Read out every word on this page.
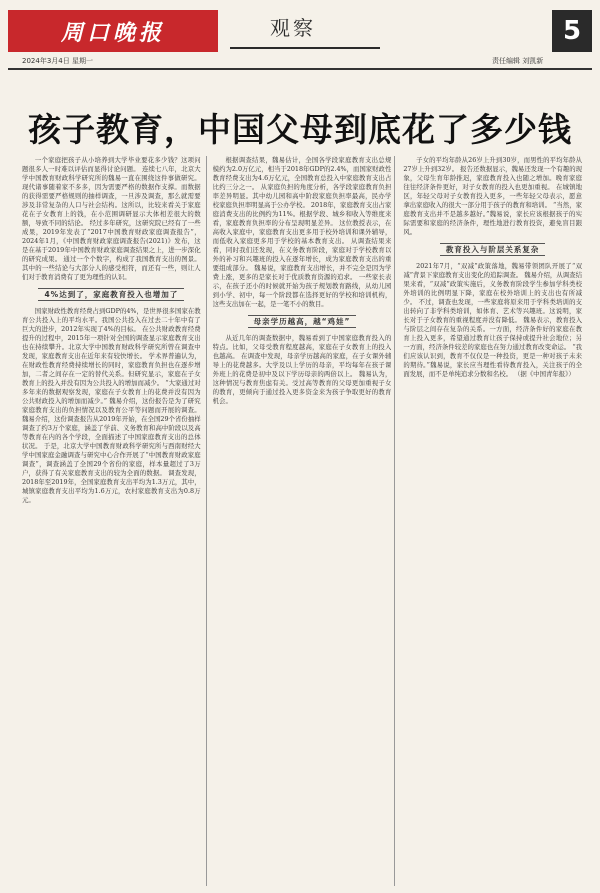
周口晚报	观察	5
2024年3月4日 星期一	责任编辑 刘凯新
孩子教育，中国父母到底花了多少钱

一个家庭把孩子从小培养到大学毕业要花多少钱？这项问题很多人一时难以评估而显得讨论问题。 连续七八年，北京大学中国教育财政科学研究所的魏易一直在围绕这件事做研究。 现代诸事随着家不多多，因为需要严格的数据作支撑。而数据的获得需要严格规则的抽样调查，一旦涉及调查，那么就需要涉及非常复杂的人口与社会结构。这所以，比较来看关于家庭花在子女教育上的钱，在小范围调研显示大体相差很大的数额，导致不同的结论。 经过多年研究，这研究院已经有了一些成果，2019年发表了“2017中国教育财政家庭调查报告”，2024年1月，《中国教育财政家庭调查报告(2021)》发布，这是在基于2019年中国教育财政家庭调查结果之上，进一步深化的研究成果。 通过一个个数字，构成了我国教育支出的图景。其中的一些结论与大部分人的感受相符，而还有一些，则让人们对于教育消费有了更为理性的认识。

4%达到了，家庭教育投入也增加了

国家财政性教育经费占到GDP的4%，是世界很多国家在教育公共投入上的平均水平。我国公共投入在过去二十年中有了巨大的进步，2012年实现了4%的目标。 在公共财政教育经费提升的过程中，2015年一项针对全国的调查显示家庭教育支出也在持续攀升。北京大学中国教育财政科学研究所曾在调查中发现，家庭教育支出在近年来有较快增长。 学术界普遍认为，在财政性教育经费持续增长的同时，家庭教育负担也在逐步增加，二者之间存在一定的替代关系。但研究显示，家庭在子女教育上的投入并没有因为公共投入的增加而减少。 “大家通过对多年来的数据观察发现，家庭在子女教育上的花费并没有因为公共财政投入的增加而减少。” 魏易介绍，这份报告是为了研究家庭教育支出的负担情况以及教育公平等问题而开展的调查。 魏易介绍，这份调查报告从2019年开始，在全国29个省份抽样调查了约3万个家庭，涵盖了学前、义务教育和高中阶段以及高等教育在内的各个学段，全面描述了中国家庭教育支出的总体状况。 于是，北京大学中国教育财政科学研究所与西南财经大学中国家庭金融调查与研究中心合作开展了“中国教育财政家庭调查”，调查涵盖了全国29个省份的家庭，样本量超过了3万户，获得了有关家庭教育支出的较为全面的数据。 调查发现，2018年至2019年，全国家庭教育支出平均为1.3万元，其中，城镇家庭教育支出平均为1.6万元，农村家庭教育支出为0.8万元。

根据调查结果，魏易估计，全国各学段家庭教育支出总规模约为2.0万亿元，相当于2018年GDP的2.4%，而国家财政性教育经费支出为4.6万亿元，全国教育总投入中家庭教育支出占比约三分之一。 从家庭负担的角度分析，各学段家庭教育负担率差异明显。其中幼儿园和高中阶段家庭负担率最高，民办学校家庭负担率明显高于公办学校。 2018年，家庭教育支出占家庭消费支出的比例约为11%。根据学段、城乡和收入等维度来看，家庭教育负担率的分布呈现明显差异。 这位教授表示，在高收入家庭中，家庭教育支出更多用于校外培训和课外辅导，而低收入家庭更多用于学校的基本教育支出。 从调查结果来看，同时我们还发现，在义务教育阶段，家庭对于学校教育以外的补习和兴趣班的投入在逐年增长，成为家庭教育支出的重要组成部分。 魏易说，家庭教育支出增长，并不完全是因为学费上涨，更多的是家长对于优质教育资源的追求。 一些家长表示，在孩子还小的时候就开始为孩子规划教育路线，从幼儿园到小学、初中，每一个阶段都在选择更好的学校和培训机构，这些支出加在一起，是一笔不小的数目。

母亲学历越高，越“鸡娃”

从近几年的调查数据中，魏易看到了中国家庭教育投入的特点。比如，父母受教育程度越高，家庭在子女教育上的投入也越高。 在调查中发现，母亲学历越高的家庭，在子女课外辅导上的花费越多。大学及以上学历的母亲，平均每年在孩子课外班上的花费是初中及以下学历母亲的两倍以上。 魏易认为，这种情况与教育焦虑有关。受过高等教育的父母更加重视子女的教育，更倾向于通过投入更多资金来为孩子争取更好的教育机会。

子女的平均年龄从26岁上升到30岁，而男性的平均年龄从27岁上升到32岁。 报告还数据显示，魏易还发现一个有趣的现象，父母生育年龄推迟，家庭教育投入也随之增加。晚育家庭往往经济条件更好，对子女教育的投入也更加重视。 在城镇地区，年轻父母对子女教育投入更多，一些年轻父母表示，愿意拿出家庭收入的很大一部分用于孩子的教育和培训。 “当然，家庭教育支出并不是越多越好。”魏易说，家长应该根据孩子的实际需要和家庭的经济条件，理性地进行教育投资，避免盲目跟风。

教育投入与阶层关系复杂

2021年7月，“双减”政策落地，魏易带领团队开展了“双减”背景下家庭教育支出变化的追踪调查。 魏易介绍，从调查结果来看，“双减”政策实施后，义务教育阶段学生参加学科类校外培训的比例明显下降，家庭在校外培训上的支出也有所减少。 不过，调查也发现，一些家庭将原来用于学科类培训的支出转向了非学科类培训，如体育、艺术等兴趣班。这说明，家长对于子女教育的重视程度并没有降低。 魏易表示，教育投入与阶层之间存在复杂的关系。一方面，经济条件好的家庭在教育上投入更多，希望通过教育让孩子保持或提升社会地位；另一方面，经济条件较差的家庭也在努力通过教育改变命运。 “我们应该认识到，教育不仅仅是一种投资，更是一种对孩子未来的期待。”魏易说，家长应当理性看待教育投入，关注孩子的全面发展，而不是单纯追求分数和名校。 （据《中国青年报》）
